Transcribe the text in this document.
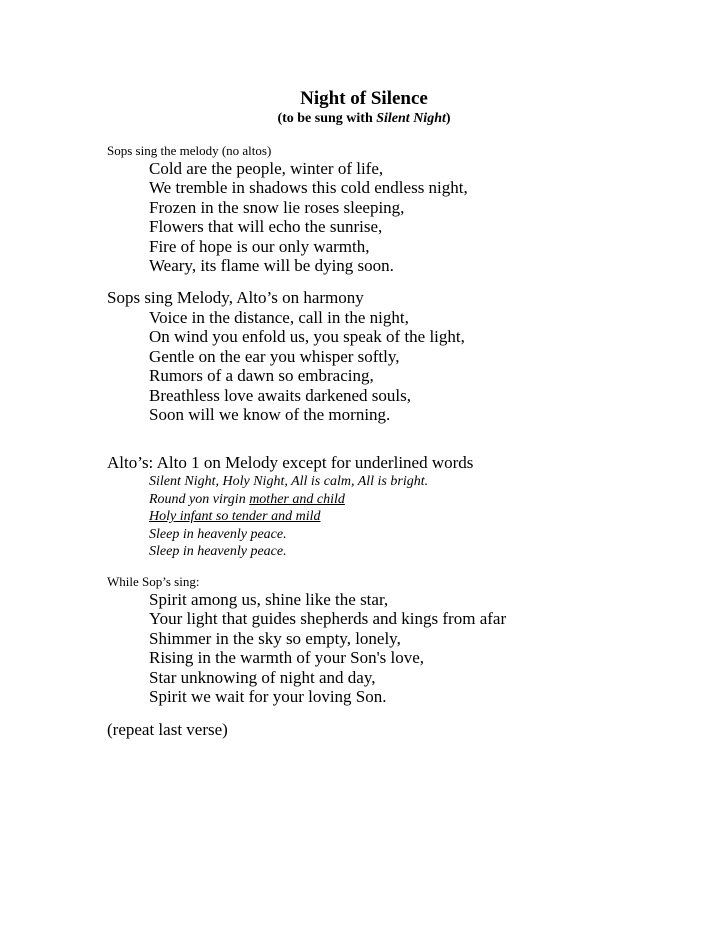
Night of Silence
(to be sung with Silent Night)
Sops sing the melody (no altos)
Cold are the people, winter of life,
We tremble in shadows this cold endless night,
Frozen in the snow lie roses sleeping,
Flowers that will echo the sunrise,
Fire of hope is our only warmth,
Weary, its flame will be dying soon.
Sops sing Melody, Alto’s on harmony
Voice in the distance, call in the night,
On wind you enfold us, you speak of the light,
Gentle on the ear you whisper softly,
Rumors of a dawn so embracing,
Breathless love awaits darkened souls,
Soon will we know of the morning.
Alto’s: Alto 1 on Melody except for underlined words
Silent Night, Holy Night, All is calm, All is bright.
Round yon virgin mother and child
Holy infant so tender and mild
Sleep in heavenly peace.
Sleep in heavenly peace.
While Sop’s sing:
Spirit among us, shine like the star,
Your light that guides shepherds and kings from afar
Shimmer in the sky so empty, lonely,
Rising in the warmth of your Son's love,
Star unknowing of night and day,
Spirit we wait for your loving Son.
(repeat last verse)
